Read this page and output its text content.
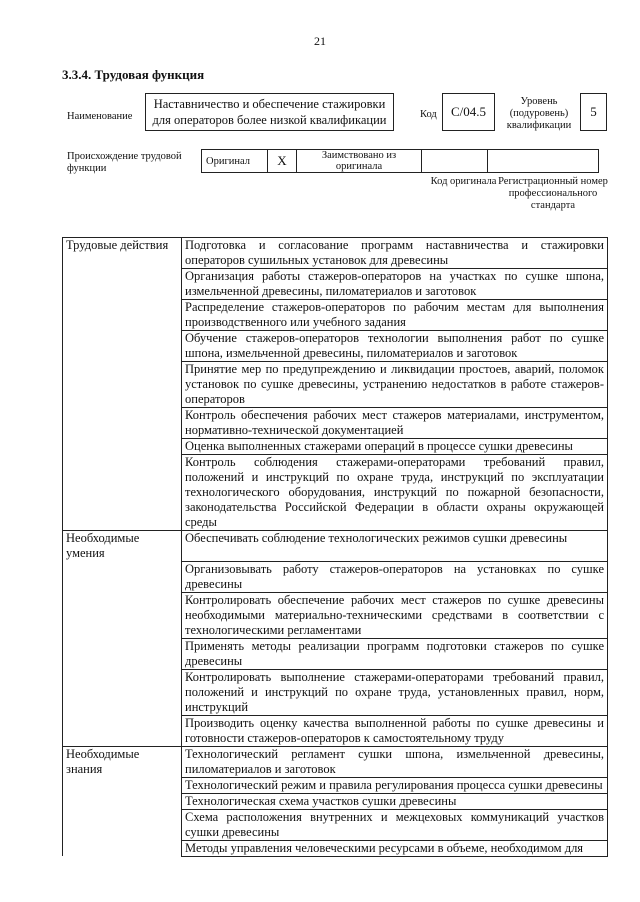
21
3.3.4. Трудовая функция
Наименование
Наставничество и обеспечение стажировки для операторов более низкой квалификации	Код C/04.5
Уровень
(подуровень)
квалификации
5
Происхождение трудовой функции
Оригинал	X	Заимствовано из оригинала		
Код оригинала Регистрационный номер профессионального стандарта
Трудовые действия	Подготовка и согласование программ наставничества и стажировки операторов сушильных установок для древесины
	Организация работы стажеров-операторов на участках по сушке шпона, измельченной древесины, пиломатериалов и заготовок
	Распределение стажеров-операторов по рабочим местам для выполнения производственного или учебного задания
	Обучение стажеров-операторов технологии выполнения работ по сушке шпона, измельченной древесины, пиломатериалов и заготовок
	Принятие мер по предупреждению и ликвидации простоев, аварий, поломок установок по сушке древесины, устранению недостатков в работе стажеров-операторов
	Контроль обеспечения рабочих мест стажеров материалами, инструментом, нормативно-технической документацией
	Оценка выполненных стажерами операций в процессе сушки древесины
	Контроль соблюдения стажерами-операторами требований правил, положений и инструкций по охране труда, инструкций по эксплуатации технологического оборудования, инструкций по пожарной безопасности, законодательства Российской Федерации в области охраны окружающей среды
Необходимые умения	Обеспечивать соблюдение технологических режимов сушки древесины
	Организовывать работу стажеров-операторов на установках по сушке древесины
	Контролировать обеспечение рабочих мест стажеров по сушке древесины необходимыми материально-техническими средствами в соответствии с технологическими регламентами
	Применять методы реализации программ подготовки стажеров по сушке древесины
	Контролировать выполнение стажерами-операторами требований правил, положений и инструкций по охране труда, установленных правил, норм, инструкций
	Производить оценку качества выполненной работы по сушке древесины и готовности стажеров-операторов к самостоятельному труду
Необходимые знания	Технологический регламент сушки шпона, измельченной древесины, пиломатериалов и заготовок
	Технологический режим и правила регулирования процесса сушки древесины
	Технологическая схема участков сушки древесины
	Схема расположения внутренних и межцеховых коммуникаций участков сушки древесины
	Методы управления человеческими ресурсами в объеме, необходимом для
